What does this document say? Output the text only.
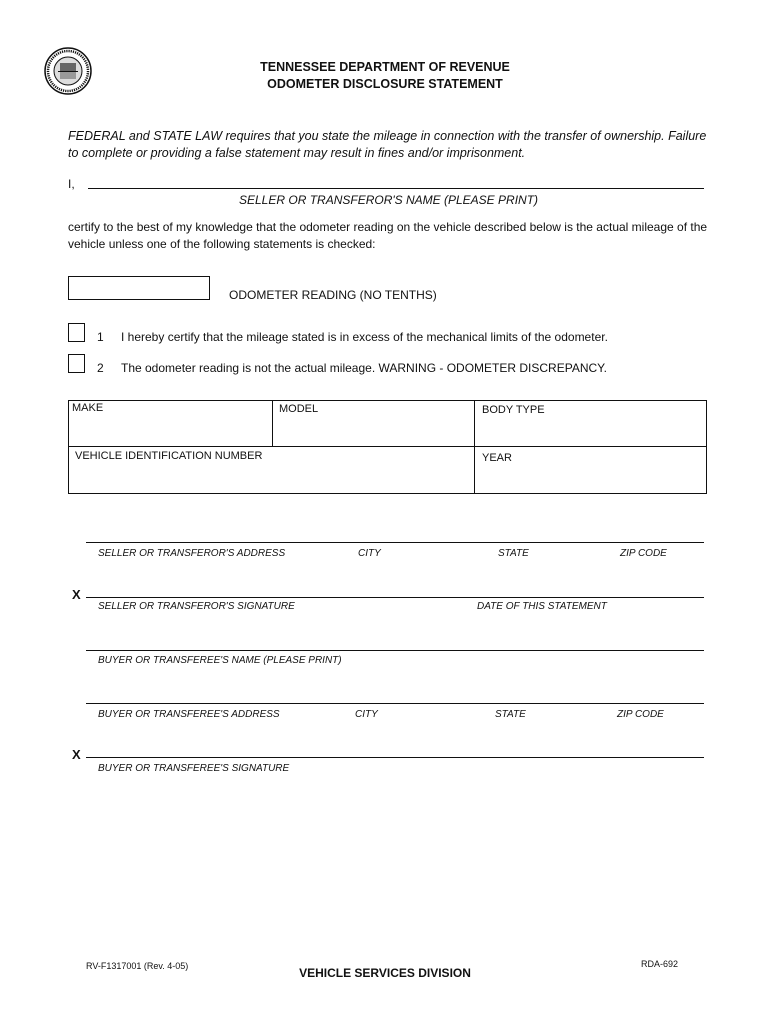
TENNESSEE DEPARTMENT OF REVENUE
ODOMETER DISCLOSURE STATEMENT
FEDERAL and STATE LAW requires that you state the mileage in connection with the transfer of ownership. Failure to complete or providing a false statement may result in fines and/or imprisonment.
I,
SELLER OR TRANSFEROR'S NAME (PLEASE PRINT)
certify to the best of my knowledge that the odometer reading on the vehicle described below is the actual mileage of the vehicle unless one of the following statements is checked:
ODOMETER READING (NO TENTHS)
1 I hereby certify that the mileage stated is in excess of the mechanical limits of the odometer.
2 The odometer reading is not the actual mileage. WARNING - ODOMETER DISCREPANCY.
MAKE	MODEL	BODY TYPE
VEHICLE IDENTIFICATION NUMBER	YEAR
SELLER OR TRANSFEROR'S ADDRESS	CITY	STATE	ZIP CODE
X
SELLER OR TRANSFEROR'S SIGNATURE	DATE OF THIS STATEMENT
BUYER OR TRANSFEREE'S NAME (PLEASE PRINT)
BUYER OR TRANSFEREE'S ADDRESS	CITY	STATE	ZIP CODE
X
BUYER OR TRANSFEREE'S SIGNATURE
RV-F1317001 (Rev. 4-05)	VEHICLE SERVICES DIVISION
RDA-692
